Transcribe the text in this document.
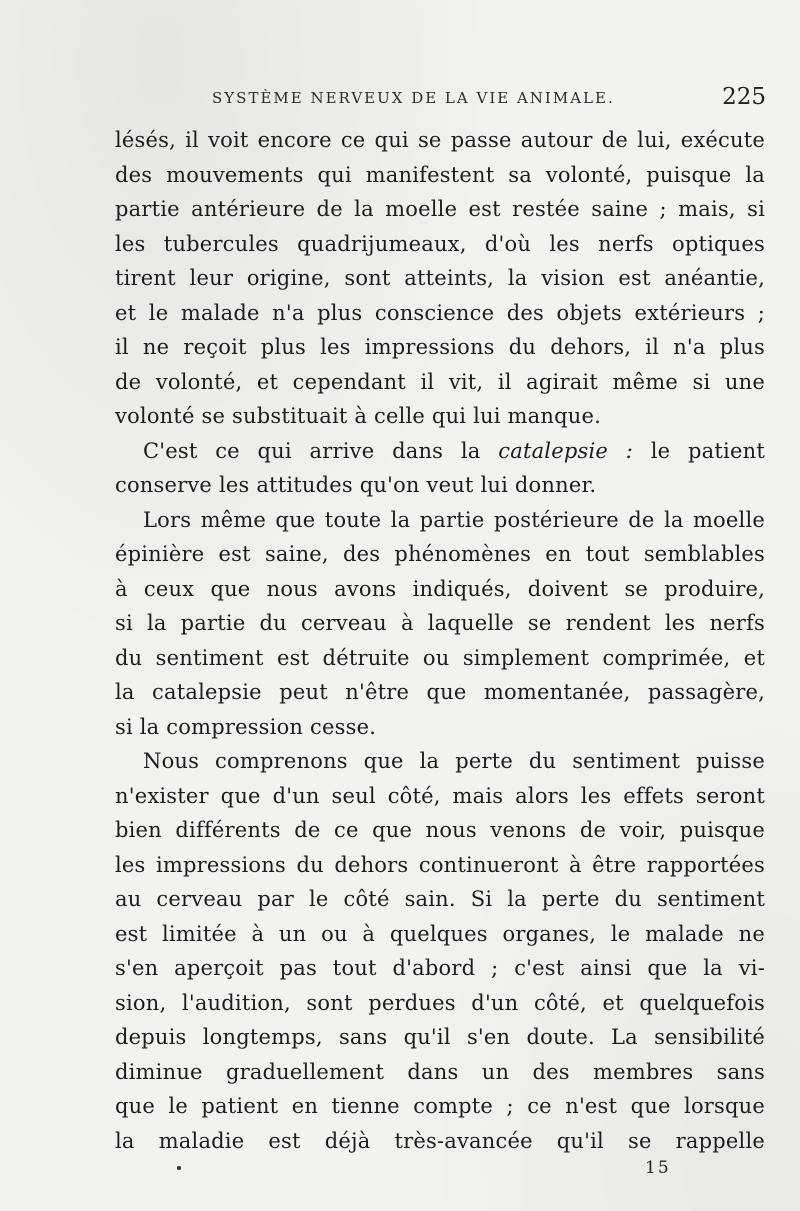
SYSTÈME NERVEUX DE LA VIE ANIMALE.	225
lésés, il voit encore ce qui se passe autour de lui, exécute
des mouvements qui manifestent sa volonté, puisque la
partie antérieure de la moelle est restée saine ; mais, si
les tubercules quadrijumeaux, d'où les nerfs optiques
tirent leur origine, sont atteints, la vision est anéantie,
et le malade n'a plus conscience des objets extérieurs ;
il ne reçoit plus les impressions du dehors, il n'a plus
de volonté, et cependant il vit, il agirait même si une
volonté se substituait à celle qui lui manque.
C'est ce qui arrive dans la catalepsie : le patient
conserve les attitudes qu'on veut lui donner.
Lors même que toute la partie postérieure de la moelle
épinière est saine, des phénomènes en tout semblables
à ceux que nous avons indiqués, doivent se produire,
si la partie du cerveau à laquelle se rendent les nerfs
du sentiment est détruite ou simplement comprimée, et
la catalepsie peut n'être que momentanée, passagère,
si la compression cesse.
Nous comprenons que la perte du sentiment puisse
n'exister que d'un seul côté, mais alors les effets seront
bien différents de ce que nous venons de voir, puisque
les impressions du dehors continueront à être rapportées
au cerveau par le côté sain. Si la perte du sentiment
est limitée à un ou à quelques organes, le malade ne
s'en aperçoit pas tout d'abord ; c'est ainsi que la vi-
sion, l'audition, sont perdues d'un côté, et quelquefois
depuis longtemps, sans qu'il s'en doute. La sensibilité
diminue graduellement dans un des membres sans
que le patient en tienne compte ; ce n'est que lorsque
la maladie est déjà très-avancée qu'il se rappelle
15
